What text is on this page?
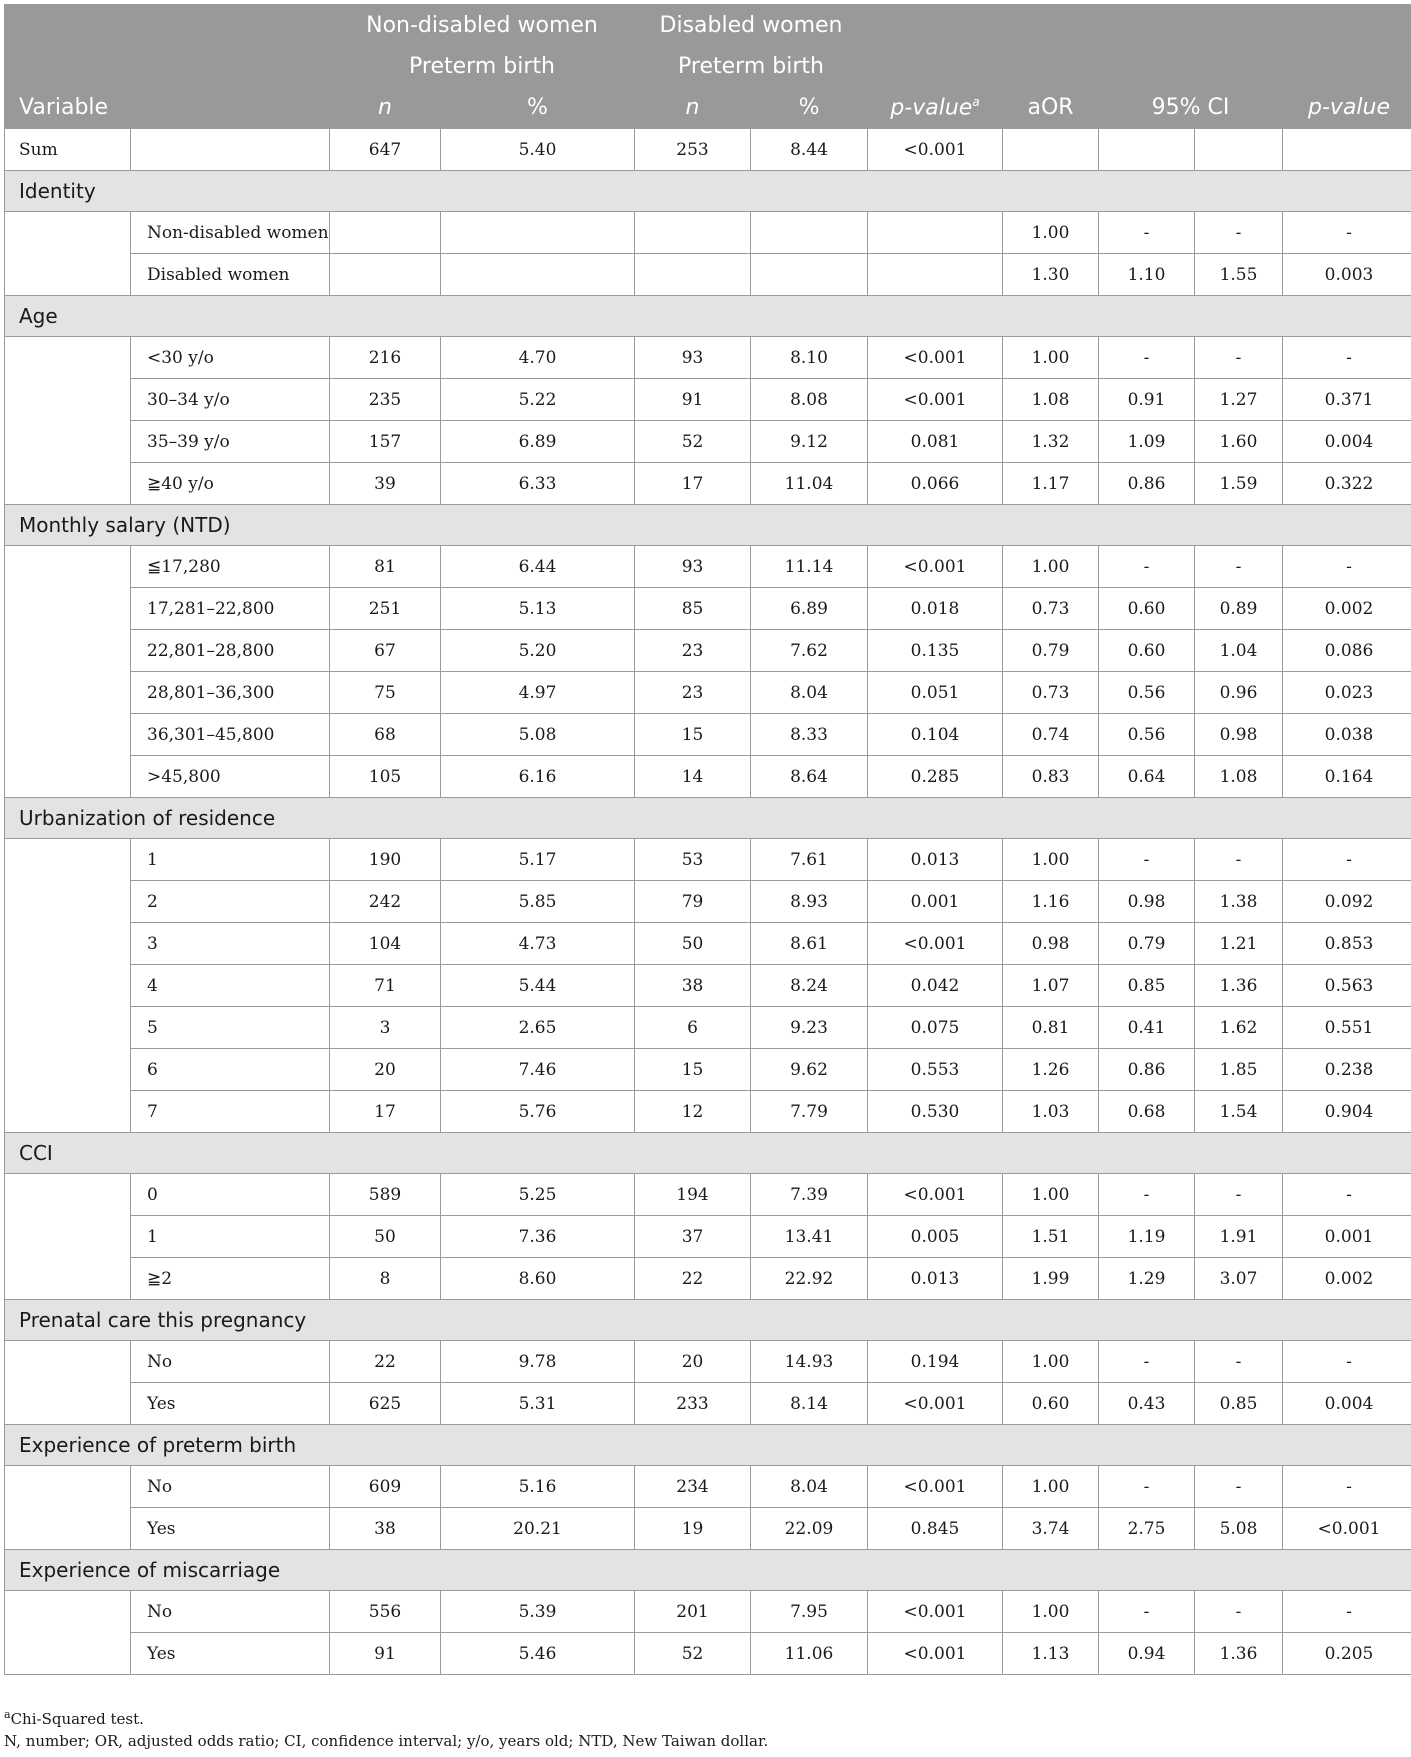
Variable		Non-disabled women		Disabled women		p-value$^a$	aOR			p-value
		Preterm birth		Preterm birth						
		n	%	n	%			95% CI		
Sum		647	5.40	253	8.44	<0.001				
Identity										
	Non-disabled women						1.00	-	-	-
	Disabled women						1.30	1.10	1.55	0.003
Age										
	<30 y/o	216	4.70	93	8.10	<0.001	1.00	-	-	-
	30–34 y/o	235	5.22	91	8.08	<0.001	1.08	0.91	1.27	0.371
	35–39 y/o	157	6.89	52	9.12	0.081	1.32	1.09	1.60	0.004
	≧40 y/o	39	6.33	17	11.04	0.066	1.17	0.86	1.59	0.322
Monthly salary (NTD)										
	≦17,280	81	6.44	93	11.14	<0.001	1.00	-	-	-
	17,281–22,800	251	5.13	85	6.89	0.018	0.73	0.60	0.89	0.002
	22,801–28,800	67	5.20	23	7.62	0.135	0.79	0.60	1.04	0.086
	28,801–36,300	75	4.97	23	8.04	0.051	0.73	0.56	0.96	0.023
	36,301–45,800	68	5.08	15	8.33	0.104	0.74	0.56	0.98	0.038
	>45,800	105	6.16	14	8.64	0.285	0.83	0.64	1.08	0.164
Urbanization of residence										
	1	190	5.17	53	7.61	0.013	1.00	-	-	-
	2	242	5.85	79	8.93	0.001	1.16	0.98	1.38	0.092
	3	104	4.73	50	8.61	<0.001	0.98	0.79	1.21	0.853
	4	71	5.44	38	8.24	0.042	1.07	0.85	1.36	0.563
	5	3	2.65	6	9.23	0.075	0.81	0.41	1.62	0.551
	6	20	7.46	15	9.62	0.553	1.26	0.86	1.85	0.238
	7	17	5.76	12	7.79	0.530	1.03	0.68	1.54	0.904
CCI										
	0	589	5.25	194	7.39	<0.001	1.00	-	-	-
	1	50	7.36	37	13.41	0.005	1.51	1.19	1.91	0.001
	≧2	8	8.60	22	22.92	0.013	1.99	1.29	3.07	0.002
Prenatal care this pregnancy										
	No	22	9.78	20	14.93	0.194	1.00	-	-	-
	Yes	625	5.31	233	8.14	<0.001	0.60	0.43	0.85	0.004
Experience of preterm birth										
	No	609	5.16	234	8.04	<0.001	1.00	-	-	-
	Yes	38	20.21	19	22.09	0.845	3.74	2.75	5.08	<0.001
Experience of miscarriage										
	No	556	5.39	201	7.95	<0.001	1.00	-	-	-
	Yes	91	5.46	52	11.06	<0.001	1.13	0.94	1.36	0.205
$^a$Chi-Squared test.
N, number; OR, adjusted odds ratio; CI, confidence interval; y/o, years old; NTD, New Taiwan dollar.
